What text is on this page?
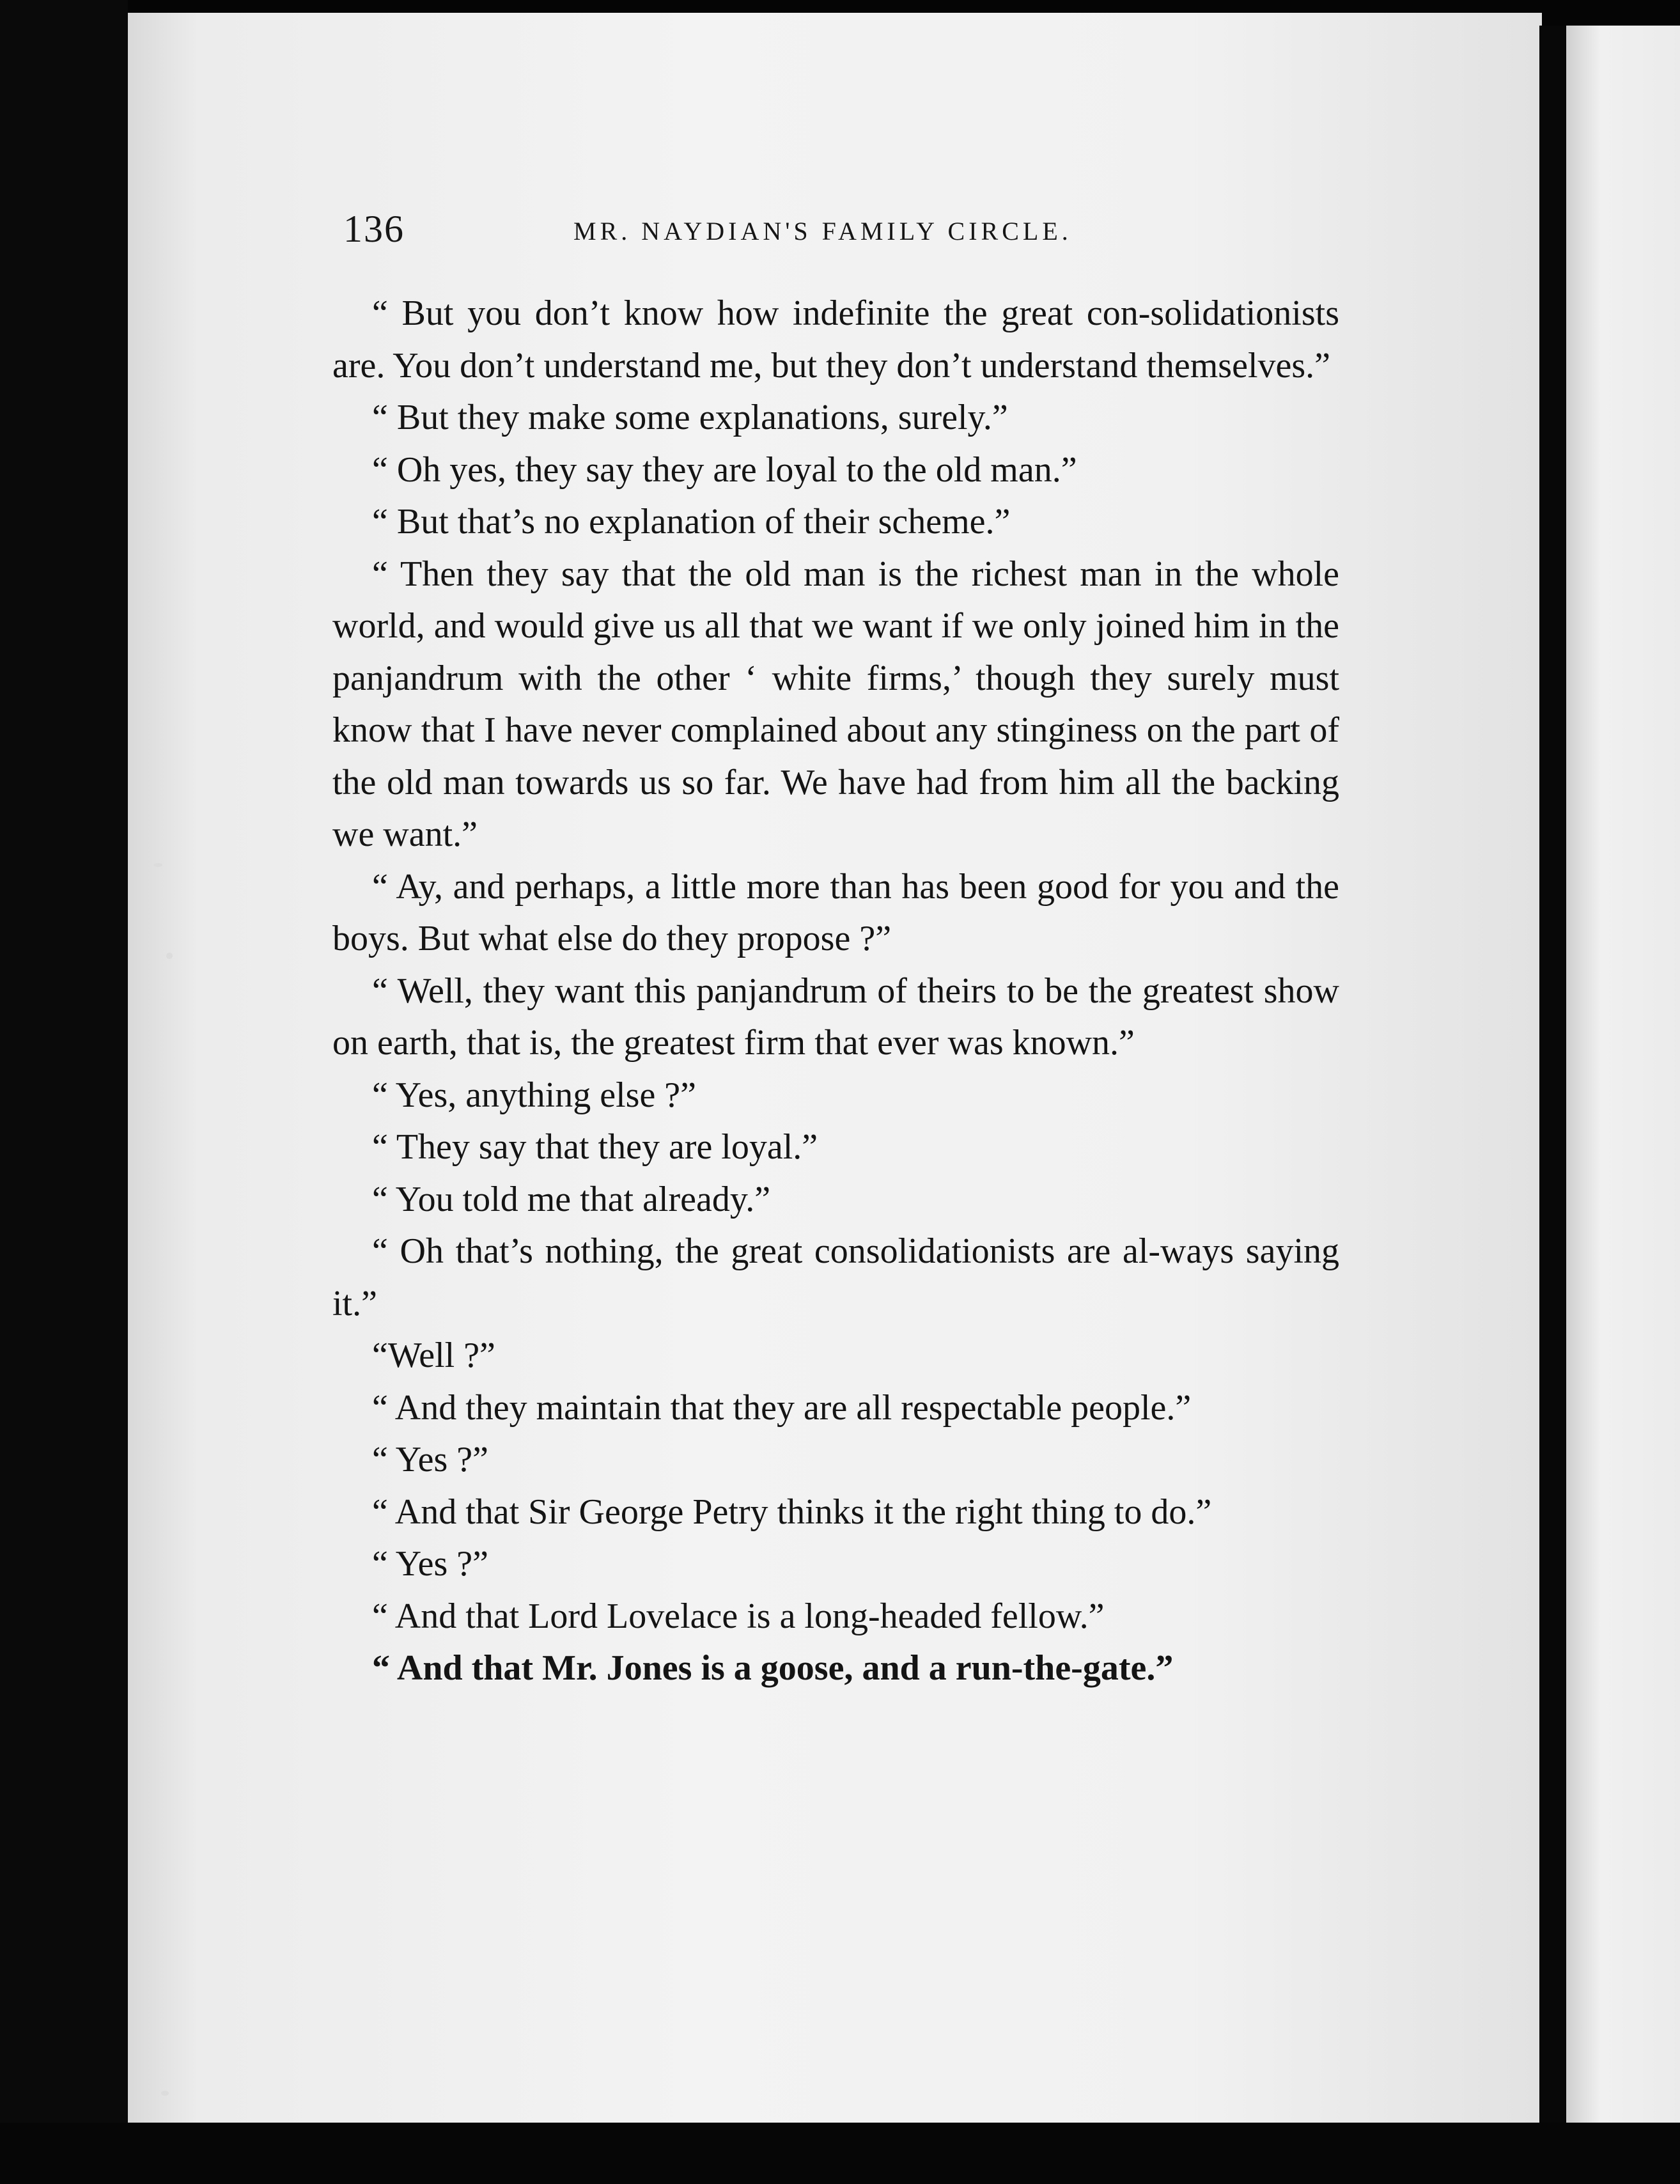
136	MR. NAYDIAN'S FAMILY CIRCLE.

“ But you don’t know how indefinite the great con-solidationists are. You don’t understand me, but they don’t understand themselves.”

“ But they make some explanations, surely.”

“ Oh yes, they say they are loyal to the old man.”

“ But that’s no explanation of their scheme.”

“ Then they say that the old man is the richest man in the whole world, and would give us all that we want if we only joined him in the panjandrum with the other ‘ white firms,’ though they surely must know that I have never complained about any stinginess on the part of the old man towards us so far. We have had from him all the backing we want.”

“ Ay, and perhaps, a little more than has been good for you and the boys. But what else do they propose ?”

“ Well, they want this panjandrum of theirs to be the greatest show on earth, that is, the greatest firm that ever was known.”

“ Yes, anything else ?”

“ They say that they are loyal.”

“ You told me that already.”

“ Oh that’s nothing, the great consolidationists are al-ways saying it.”

“Well ?”

“ And they maintain that they are all respectable people.”

“ Yes ?”

“ And that Sir George Petry thinks it the right thing to do.”

“ Yes ?”

“ And that Lord Lovelace is a long-headed fellow.”

“ And that Mr. Jones is a goose, and a run-the-gate.”
